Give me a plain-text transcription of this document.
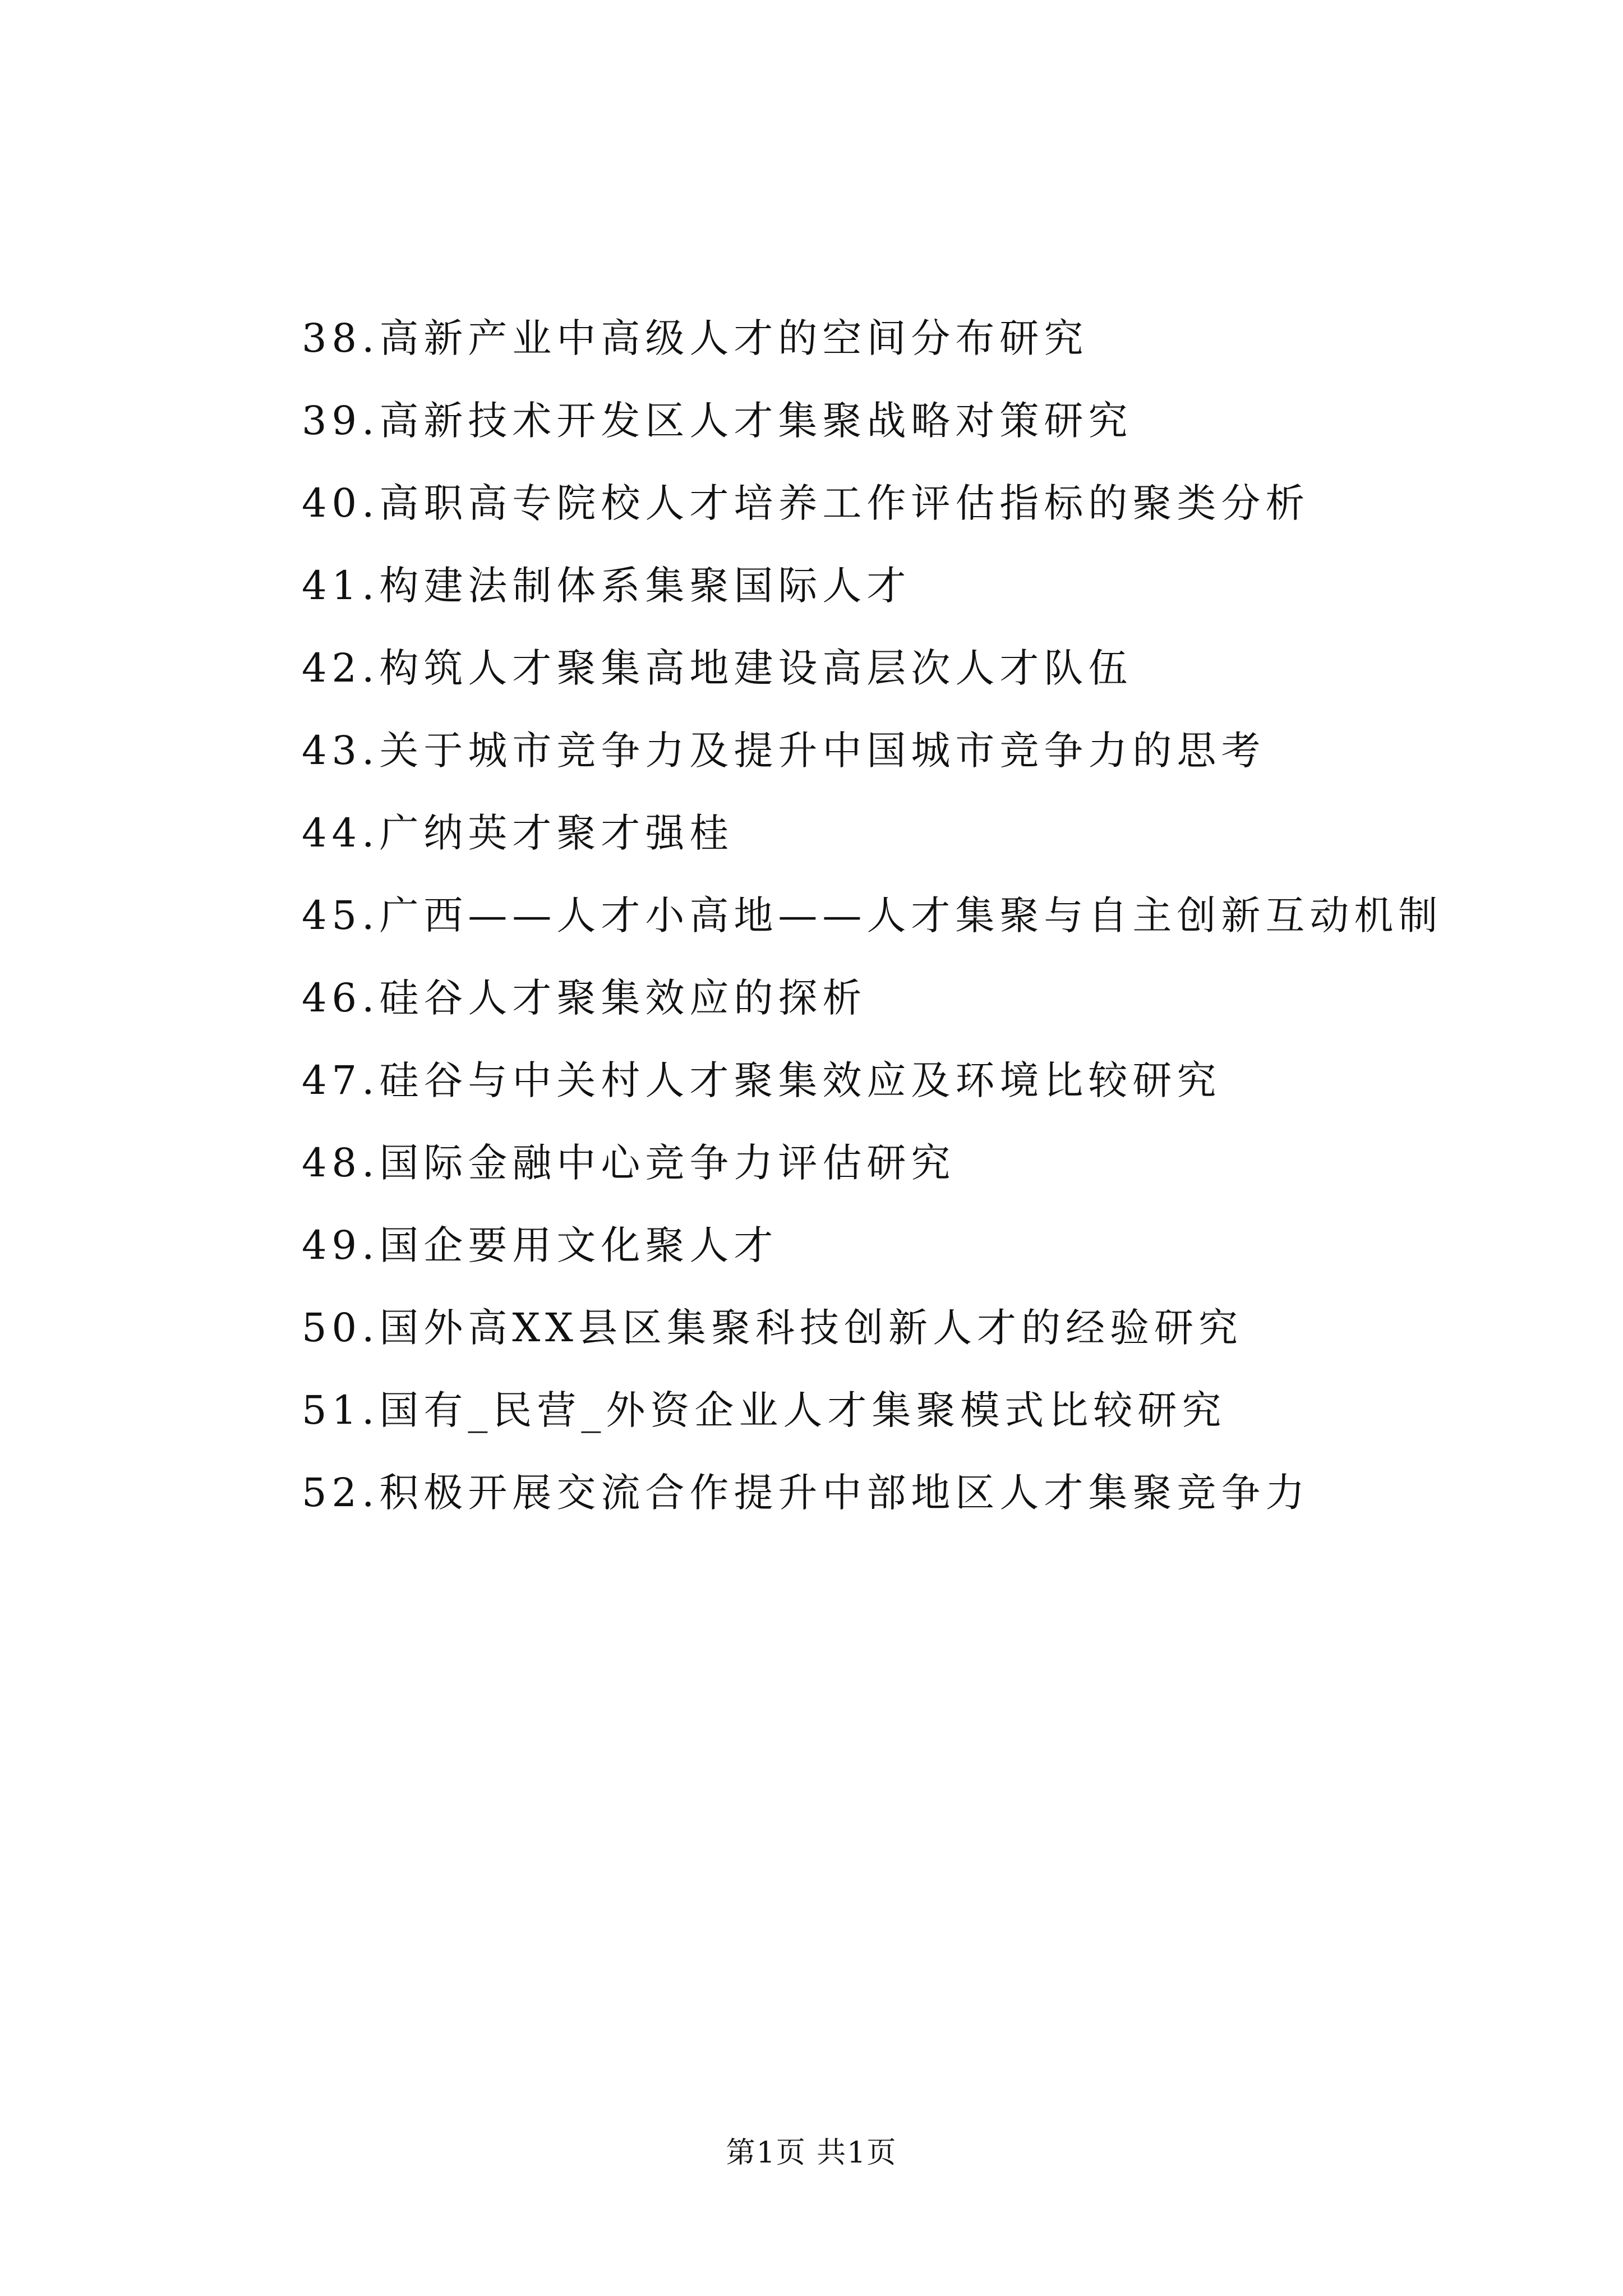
38.高新产业中高级人才的空间分布研究
39.高新技术开发区人才集聚战略对策研究
40.高职高专院校人才培养工作评估指标的聚类分析
41.构建法制体系集聚国际人才
42.构筑人才聚集高地建设高层次人才队伍
43.关于城市竞争力及提升中国城市竞争力的思考
44.广纳英才聚才强桂
45.广西——人才小高地——人才集聚与自主创新互动机制
46.硅谷人才聚集效应的探析
47.硅谷与中关村人才聚集效应及环境比较研究
48.国际金融中心竞争力评估研究
49.国企要用文化聚人才
50.国外高XX县区集聚科技创新人才的经验研究
51.国有_民营_外资企业人才集聚模式比较研究
52.积极开展交流合作提升中部地区人才集聚竞争力
第1页 共1页
